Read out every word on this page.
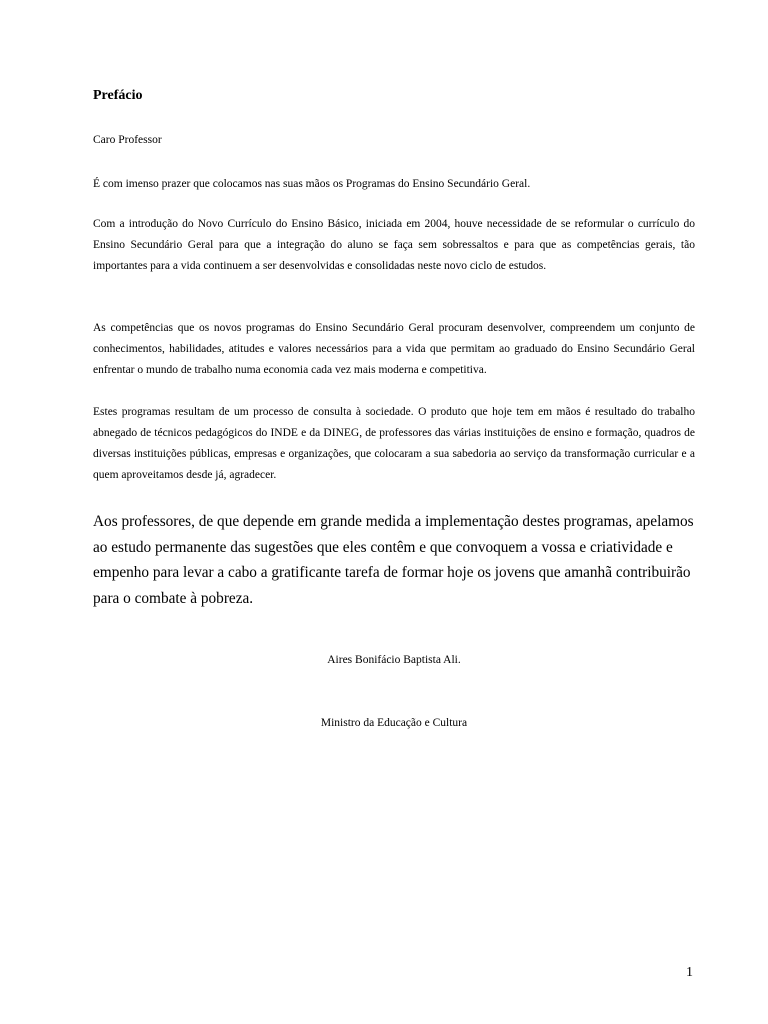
Prefácio

Caro Professor

É com imenso prazer que colocamos nas suas mãos os Programas do Ensino Secundário Geral.

Com a introdução do Novo Currículo do Ensino Básico, iniciada em 2004, houve necessidade de se reformular o currículo do Ensino Secundário Geral para que a integração do aluno se faça sem sobressaltos e para que as competências gerais, tão importantes para a vida continuem a ser desenvolvidas e consolidadas neste novo ciclo de estudos.

As competências que os novos programas do Ensino Secundário Geral procuram desenvolver, compreendem um conjunto de conhecimentos, habilidades, atitudes e valores necessários para a vida que permitam ao graduado do Ensino Secundário Geral enfrentar o mundo de trabalho numa economia cada vez mais moderna e competitiva.

Estes programas resultam de um processo de consulta à sociedade. O produto que hoje tem em mãos é resultado do trabalho abnegado de técnicos pedagógicos do INDE e da DINEG, de professores das várias instituições de ensino e formação, quadros de diversas instituições públicas, empresas e organizações, que colocaram a sua sabedoria ao serviço da transformação curricular e a quem aproveitamos desde já, agradecer.

Aos professores, de que depende em grande medida a implementação destes programas, apelamos ao estudo permanente das sugestões que eles contêm e que convoquem a vossa e criatividade e empenho para levar a cabo a gratificante tarefa de formar hoje os jovens que amanhã contribuirão para o combate à pobreza.

Aires Bonifácio Baptista Ali.

Ministro da Educação e Cultura

1
